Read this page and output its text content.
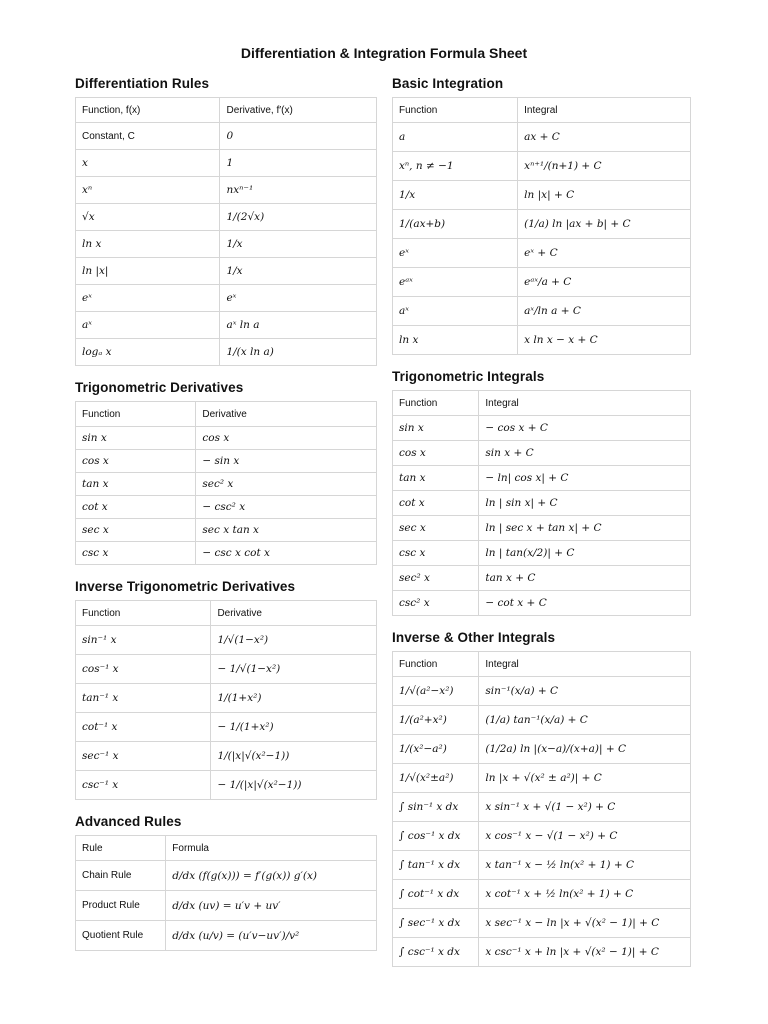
Differentiation & Integration Formula Sheet
Differentiation Rules
Function, f(x)	Derivative, f′(x)
Constant, C	0
x	1
xⁿ	nxⁿ⁻¹
√x	1/(2√x)
ln x	1/x
ln |x|	1/x
eˣ	eˣ
aˣ	aˣ ln a
logₐ x	1/(x ln a)
Trigonometric Derivatives
Function	Derivative
sin x	cos x
cos x	− sin x
tan x	sec² x
cot x	− csc² x
sec x	sec x tan x
csc x	− csc x cot x
Inverse Trigonometric Derivatives
Function	Derivative
sin⁻¹ x	1/√(1−x²)
cos⁻¹ x	− 1/√(1−x²)
tan⁻¹ x	1/(1+x²)
cot⁻¹ x	− 1/(1+x²)
sec⁻¹ x	1/(|x|√(x²−1))
csc⁻¹ x	− 1/(|x|√(x²−1))
Advanced Rules
Rule	Formula
Chain Rule	d/dx (f(g(x))) = f′(g(x)) g′(x)
Product Rule	d/dx (uv) = u′v + uv′
Quotient Rule	d/dx (u/v) = (u′v−uv′)/v²
Basic Integration
Function	Integral
a	ax + C
xⁿ, n ≠ −1	xⁿ⁺¹/(n+1) + C
1/x	ln |x| + C
1/(ax+b)	(1/a) ln |ax + b| + C
eˣ	eˣ + C
eᵃˣ	eᵃˣ/a + C
aˣ	aˣ/ln a + C
ln x	x ln x − x + C
Trigonometric Integrals
Function	Integral
sin x	− cos x + C
cos x	sin x + C
tan x	− ln| cos x| + C
cot x	ln | sin x| + C
sec x	ln | sec x + tan x| + C
csc x	ln | tan(x/2)| + C
sec² x	tan x + C
csc² x	− cot x + C
Inverse & Other Integrals
Function	Integral
1/√(a²−x²)	sin⁻¹(x/a) + C
1/(a²+x²)	(1/a) tan⁻¹(x/a) + C
1/(x²−a²)	(1/2a) ln |(x−a)/(x+a)| + C
1/√(x²±a²)	ln |x + √(x² ± a²)| + C
∫ sin⁻¹ x dx	x sin⁻¹ x + √(1 − x²) + C
∫ cos⁻¹ x dx	x cos⁻¹ x − √(1 − x²) + C
∫ tan⁻¹ x dx	x tan⁻¹ x − ½ ln(x² + 1) + C
∫ cot⁻¹ x dx	x cot⁻¹ x + ½ ln(x² + 1) + C
∫ sec⁻¹ x dx	x sec⁻¹ x − ln |x + √(x² − 1)| + C
∫ csc⁻¹ x dx	x csc⁻¹ x + ln |x + √(x² − 1)| + C
